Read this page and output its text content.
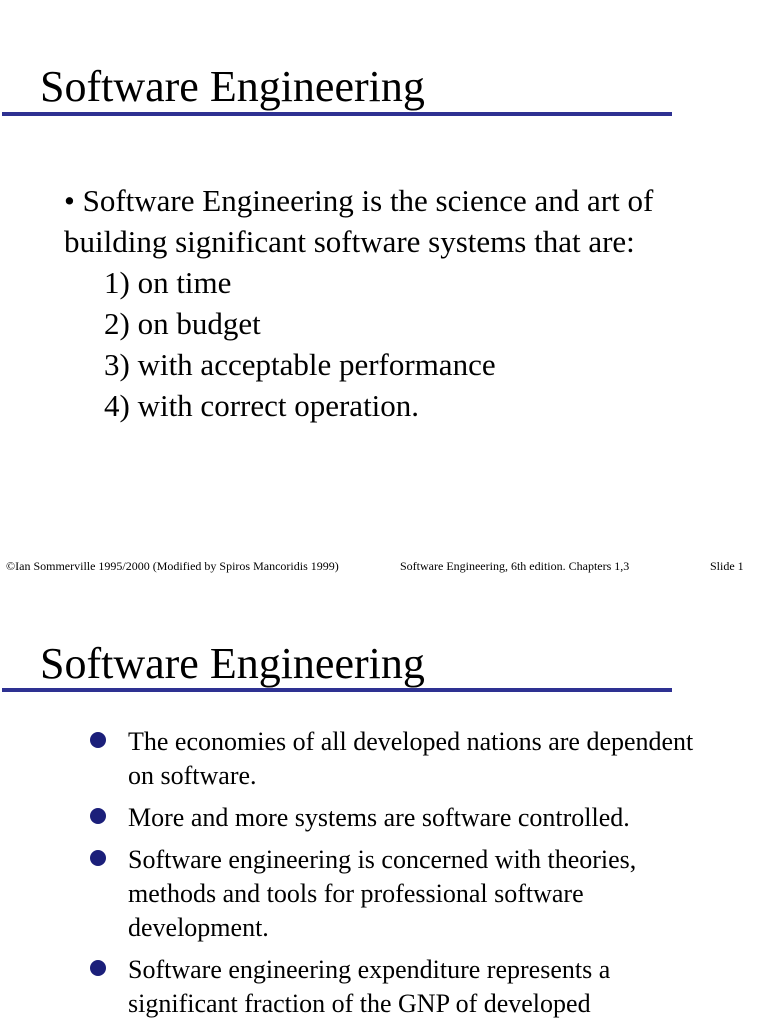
Software Engineering

• Software Engineering is the science and art of building significant software systems that are:

1) on time
2) on budget
3) with acceptable performance
4) with correct operation.
©Ian Sommerville 1995/2000 (Modified by Spiros Mancoridis 1999)	Software Engineering, 6th edition. Chapters 1,3	Slide 1
Software Engineering
The economies of all developed nations are dependent on software.
More and more systems are software controlled.
Software engineering is concerned with theories, methods and tools for professional software development.
Software engineering expenditure represents a significant fraction of the GNP of developed
